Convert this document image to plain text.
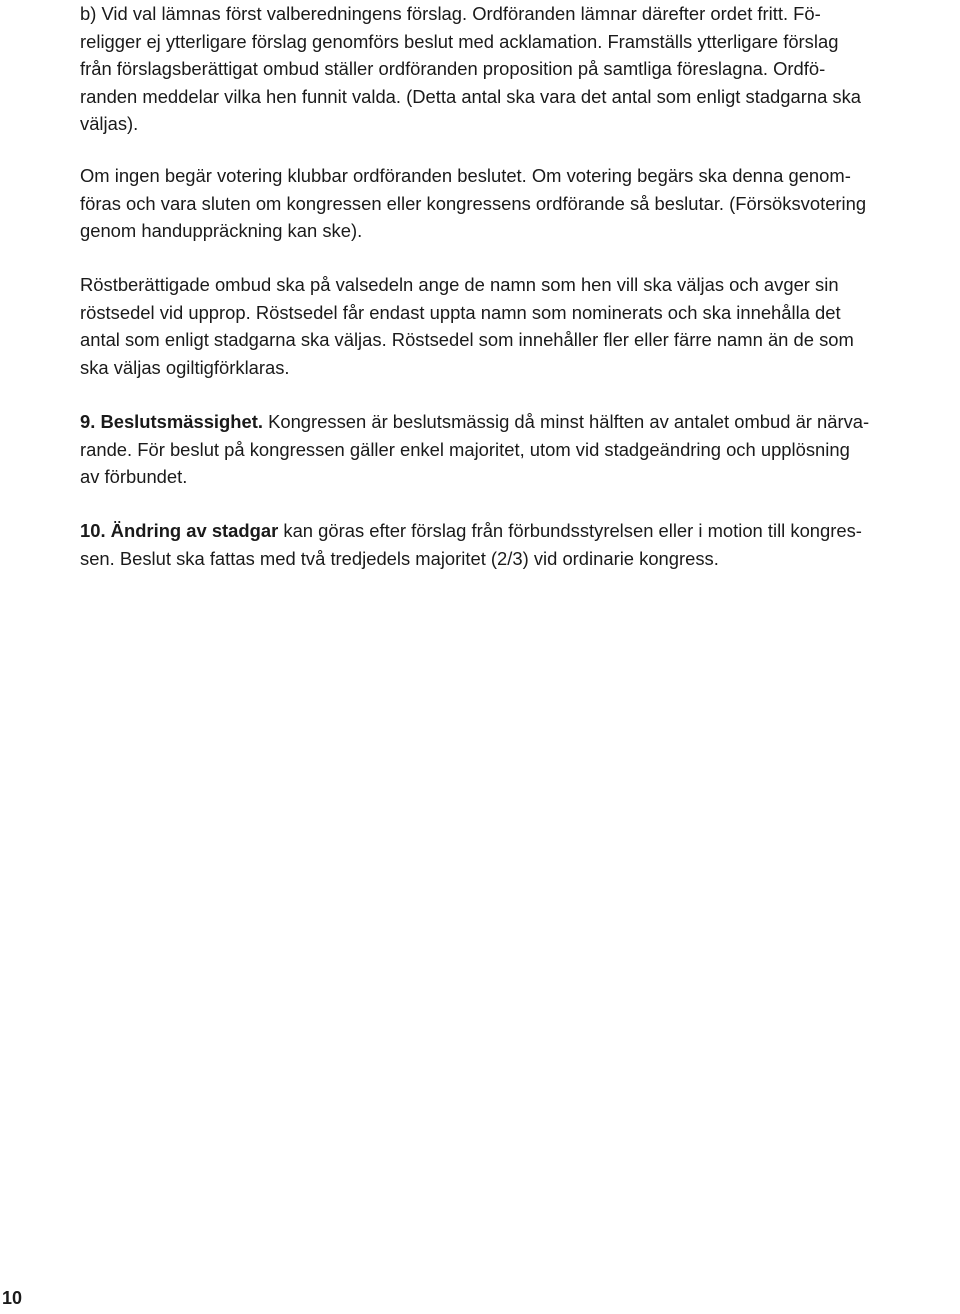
b) Vid val lämnas först valberedningens förslag. Ordföranden lämnar därefter ordet fritt. Fö-
religger ej ytterligare förslag genomförs beslut med acklamation. Framställs ytterligare förslag
från förslagsberättigat ombud ställer ordföranden proposition på samtliga föreslagna. Ordfö-
randen meddelar vilka hen funnit valda. (Detta antal ska vara det antal som enligt stadgarna ska
väljas).

Om ingen begär votering klubbar ordföranden beslutet. Om votering begärs ska denna genom-
föras och vara sluten om kongressen eller kongressens ordförande så beslutar. (Försöksvotering
genom handuppräckning kan ske).

Röstberättigade ombud ska på valsedeln ange de namn som hen vill ska väljas och avger sin
röstsedel vid upprop. Röstsedel får endast uppta namn som nominerats och ska innehålla det
antal som enligt stadgarna ska väljas. Röstsedel som innehåller fler eller färre namn än de som
ska väljas ogiltigförklaras.

9. Beslutsmässighet. Kongressen är beslutsmässig då minst hälften av antalet ombud är närva-
rande. För beslut på kongressen gäller enkel majoritet, utom vid stadgeändring och upplösning
av förbundet.

10. Ändring av stadgar kan göras efter förslag från förbundsstyrelsen eller i motion till kongres-
sen. Beslut ska fattas med två tredjedels majoritet (2/3) vid ordinarie kongress.

10
